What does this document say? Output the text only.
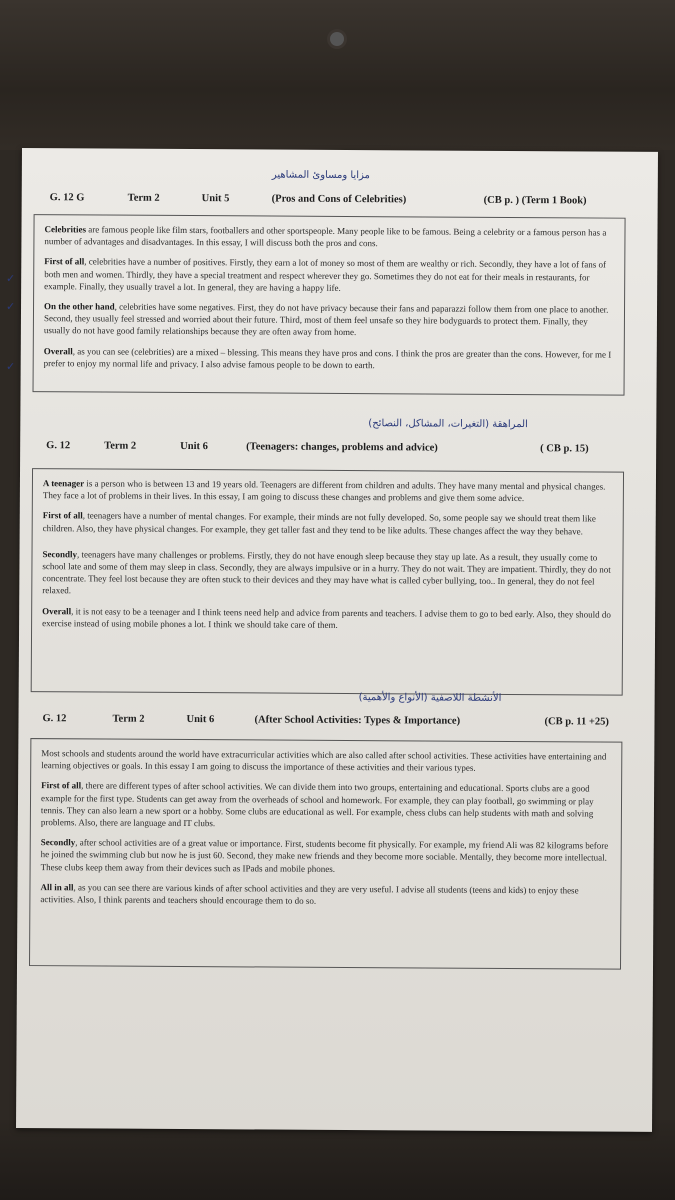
مزايا ومساوئ المشاهير
G. 12 G	Term 2	Unit 5	(Pros and Cons of Celebrities)	(CB p. ) (Term 1 Book)

Celebrities are famous people like film stars, footballers and other sportspeople. Many people like to be famous. Being a celebrity or a famous person has a number of advantages and disadvantages. In this essay, I will discuss both the pros and cons.

First of all, celebrities have a number of positives. Firstly, they earn a lot of money so most of them are wealthy or rich. Secondly, they have a lot of fans of both men and women. Thirdly, they have a special treatment and respect wherever they go. Sometimes they do not eat for their meals in restaurants, for example. Finally, they usually travel a lot. In general, they are having a happy life.

On the other hand, celebrities have some negatives. First, they do not have privacy because their fans and paparazzi follow them from one place to another. Second, they usually feel stressed and worried about their future. Third, most of them feel unsafe so they hire bodyguards to protect them. Finally, they usually do not have good family relationships because they are often away from home.

Overall, as you can see (celebrities) are a mixed – blessing. This means they have pros and cons. I think the pros are greater than the cons. However, for me I prefer to enjoy my normal life and privacy. I also advise famous people to be down to earth.

المراهقة (التغيرات، المشاكل، النصائح)
G. 12	Term 2	Unit 6	(Teenagers: changes, problems and advice)	( CB p. 15)

A teenager is a person who is between 13 and 19 years old. Teenagers are different from children and adults. They have many mental and physical changes. They face a lot of problems in their lives. In this essay, I am going to discuss these changes and problems and give them some advice.

First of all, teenagers have a number of mental changes. For example, their minds are not fully developed. So, some people say we should treat them like children. Also, they have physical changes. For example, they get taller fast and they tend to be like adults. These changes affect the way they behave.

Secondly, teenagers have many challenges or problems. Firstly, they do not have enough sleep because they stay up late. As a result, they usually come to school late and some of them may sleep in class. Secondly, they are always impulsive or in a hurry. They do not wait. They are impatient. Thirdly, they do not concentrate. They feel lost because they are often stuck to their devices and they may have what is called cyber bullying, too.. In general, they do not feel relaxed.

Overall, it is not easy to be a teenager and I think teens need help and advice from parents and teachers. I advise them to go to bed early. Also, they should do exercise instead of using mobile phones a lot. I think we should take care of them.

الأنشطة اللاصفية (الأنواع والأهمية)
G. 12	Term 2	Unit 6	(After School Activities: Types & Importance)	(CB p. 11 +25)

Most schools and students around the world have extracurricular activities which are also called after school activities. These activities have entertaining and learning objectives or goals. In this essay I am going to discuss the importance of these activities and their various types.

First of all, there are different types of after school activities. We can divide them into two groups, entertaining and educational. Sports clubs are a good example for the first type. Students can get away from the overheads of school and homework. For example, they can play football, go swimming or play tennis. They can also learn a new sport or a hobby. Some clubs are educational as well. For example, chess clubs can help students with math and solving problems. Also, there are language and IT clubs.

Secondly, after school activities are of a great value or importance. First, students become fit physically. For example, my friend Ali was 82 kilograms before he joined the swimming club but now he is just 60. Second, they make new friends and they become more sociable. Mentally, they become more intellectual. These clubs keep them away from their devices such as IPads and mobile phones.

All in all, as you can see there are various kinds of after school activities and they are very useful. I advise all students (teens and kids) to enjoy these activities. Also, I think parents and teachers should encourage them to do so.

✓
✓
✓
